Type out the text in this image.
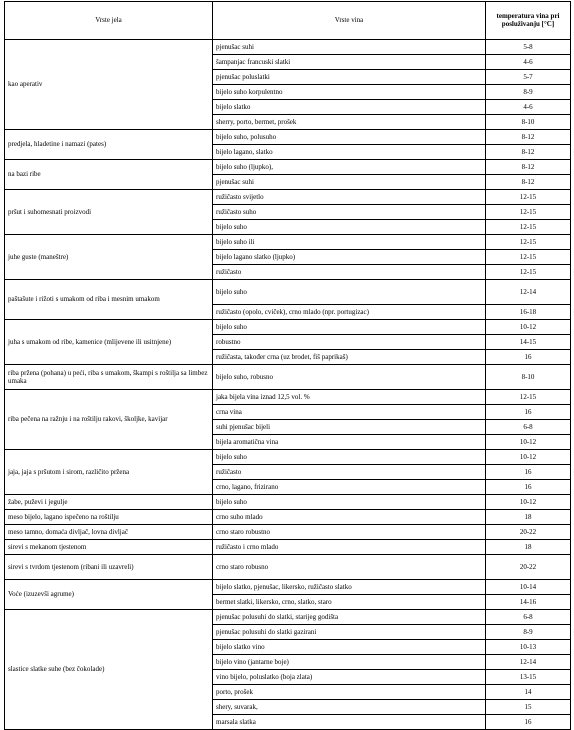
Vrste jela	Vrste vina	temperatura vina pri posluživanju [°C]
kao aperativ	pjenušac suhi	5-8
	šampanjac francuski slatki	4-6
	pjenušac poluslatki	5-7
	bijelo suho korpulentno	8-9
	bijelo slatko	4-6
	sherry, porto, bermet, prošek	8-10
predjela, hladetine i namazi (pates)	bijelo suho, polusuho	8-12
	bijelo lagano, slatko	8-12
na bazi ribe	bijelo suho (ljupko),	8-12
	pjenušac suhi	8-12
pršut i suhomesnati proizvodi	ružičasto svijetlo	12-15
	ružičasto suho	12-15
	bijelo suho	12-15
juhe guste (maneštre)	bijelo suho ili	12-15
	bijelo lagano slatko (ljupko)	12-15
	ružičasto	12-15
paštašute i rižoti s umakom od riba i mesnim umakom	bijelo suho	12-14
	ružičasto (opolo, cviček), crno mlado (npr. portugizac)	16-18
juha s umakom od ribe, kamenice (mlijevene ili usitnjene)	bijelo suho	10-12
	robustno	14-15
	ružičasta, također crna (uz brodet, fiš paprikaš)	16
riba pržena (pohana) u peći, riba s umakom, škampi s roštilja sa limbez umaka	bijelo suho, robusno	8-10
riba pečena na ražnju i na roštilju rakovi, školjke, kavijar	jaka bijela vina iznad 12,5 vol. %	12-15
	crna vina	16
	suhi pjenušac bijeli	6-8
	bijela aromatična vina	10-12
jaja, jaja s pršutom i sirom, različito pržena	bijelo suho	10-12
	ružičasto	16
	crno, lagano, frizirano	16
žabe, puževi i jegulje	bijelo suho	10-12
meso bijelo, lagano ispečeno na roštilju	crno suho mlado	18
meso tamno, domaća divljač, lovna divljač	crno staro robustno	20-22
sirevi s mekanom tjestenom	ružičasto i crno mlado	18
sirevi s tvrdom tjestenom (ribani ili uzavreli)	crno staro robusno	20-22
Voće (izuzevši agrume)	bijelo slatko, pjenušac, likersko, ružičasto slatko	10-14
	bermet slatki, likersko, crno, slatko, staro	14-16
slastice slatke suhe (bez čokolade)	pjenušac polusuhi do slatki, starijeg godišta	6-8
	pjenušac polusuhi do slatki gazirani	8-9
	bijelo slatko vino	10-13
	bijelo vino (jantarne boje)	12-14
	vino bijelo, poluslatko (boja zlata)	13-15
	porto, prošek	14
	shery, suvarak,	15
	marsala slatka	16
